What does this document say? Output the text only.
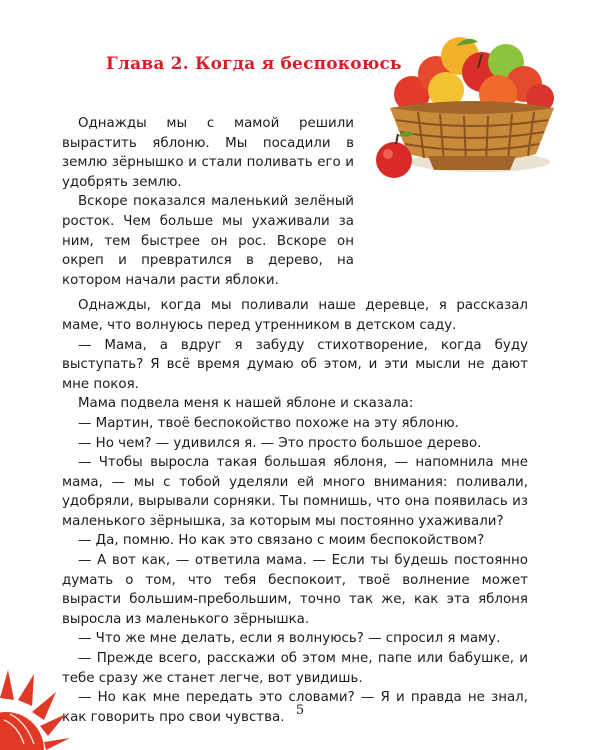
Глава 2. Когда я беспокоюсь

Однажды мы с мамой решили вырастить яблоню. Мы посадили в землю зёрнышко и стали поливать его и удобрять землю.

Вскоре показался маленький зелёный росток. Чем больше мы ухаживали за ним, тем быстрее он рос. Вскоре он окреп и превратился в дерево, на котором начали расти яблоки.

Однажды, когда мы поливали наше деревце, я рассказал маме, что волнуюсь перед утренником в детском саду.

— Мама, а вдруг я забуду стихотворение, когда буду выступать? Я всё время думаю об этом, и эти мысли не дают мне покоя.

Мама подвела меня к нашей яблоне и сказала:

— Мартин, твоё беспокойство похоже на эту яблоню.

— Но чем? — удивился я. — Это просто большое дерево.

— Чтобы выросла такая большая яблоня, — напомнила мне мама, — мы с тобой уделяли ей много внимания: поливали, удобряли, вырывали сорняки. Ты помнишь, что она появилась из маленького зёрнышка, за которым мы постоянно ухаживали?

— Да, помню. Но как это связано с моим беспокойством?

— А вот как, — ответила мама. — Если ты будешь постоянно думать о том, что тебя беспокоит, твоё волнение может вырасти большим-пребольшим, точно так же, как эта яблоня выросла из маленького зёрнышка.

— Что же мне делать, если я волнуюсь? — спросил я маму.

— Прежде всего, расскажи об этом мне, папе или бабушке, и тебе сразу же станет легче, вот увидишь.

— Но как мне передать это словами? — Я и правда не знал, как говорить про свои чувства. 5
